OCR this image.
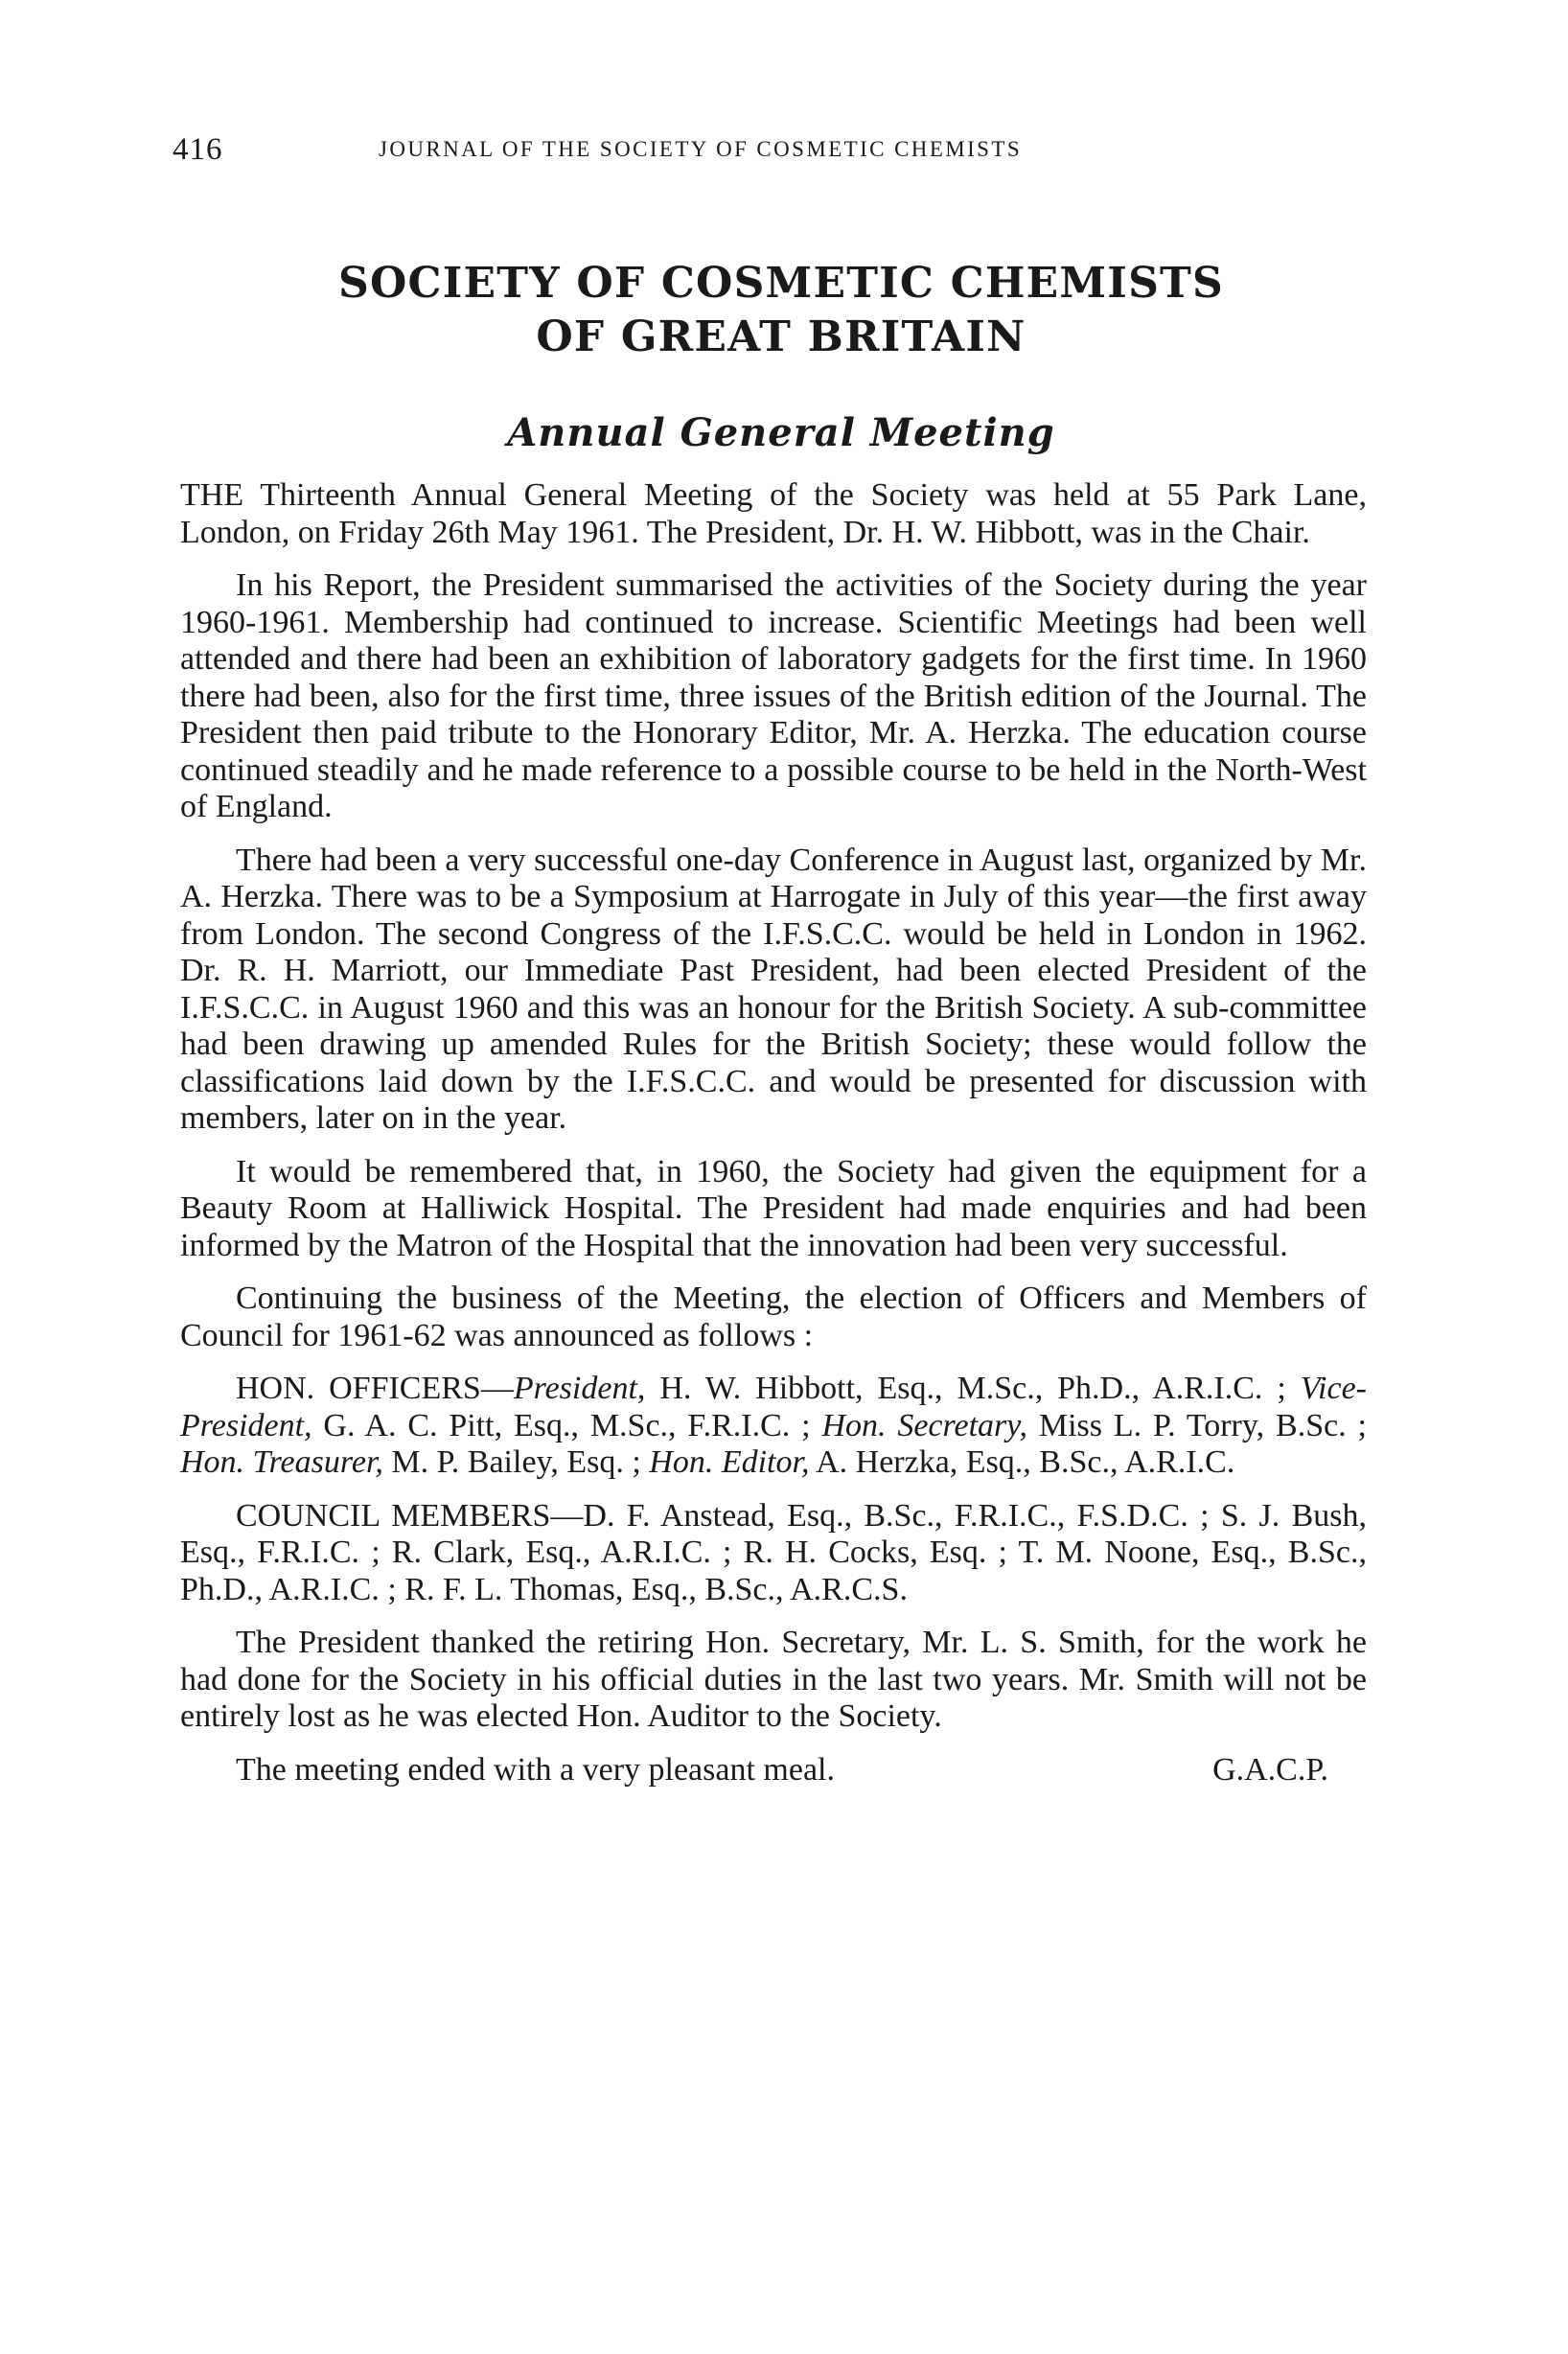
416	JOURNAL OF THE SOCIETY OF COSMETIC CHEMISTS
SOCIETY OF COSMETIC CHEMISTS
OF GREAT BRITAIN
Annual General Meeting

THE Thirteenth Annual General Meeting of the Society was held at 55 Park Lane, London, on Friday 26th May 1961. The President, Dr. H. W. Hibbott, was in the Chair.

In his Report, the President summarised the activities of the Society during the year 1960-1961. Membership had continued to increase. Scientific Meetings had been well attended and there had been an exhibition of laboratory gadgets for the first time. In 1960 there had been, also for the first time, three issues of the British edition of the Journal. The President then paid tribute to the Honorary Editor, Mr. A. Herzka. The education course continued steadily and he made reference to a possible course to be held in the North-West of England.

There had been a very successful one-day Conference in August last, organized by Mr. A. Herzka. There was to be a Symposium at Harrogate in July of this year—the first away from London. The second Congress of the I.F.S.C.C. would be held in London in 1962. Dr. R. H. Marriott, our Immediate Past President, had been elected President of the I.F.S.C.C. in August 1960 and this was an honour for the British Society. A sub-committee had been drawing up amended Rules for the British Society; these would follow the classifications laid down by the I.F.S.C.C. and would be presented for discussion with members, later on in the year.

It would be remembered that, in 1960, the Society had given the equipment for a Beauty Room at Halliwick Hospital. The President had made enquiries and had been informed by the Matron of the Hospital that the innovation had been very successful.

Continuing the business of the Meeting, the election of Officers and Members of Council for 1961-62 was announced as follows :

HON. OFFICERS—President, H. W. Hibbott, Esq., M.Sc., Ph.D., A.R.I.C. ; Vice-President, G. A. C. Pitt, Esq., M.Sc., F.R.I.C. ; Hon. Secretary, Miss L. P. Torry, B.Sc. ; Hon. Treasurer, M. P. Bailey, Esq. ; Hon. Editor, A. Herzka, Esq., B.Sc., A.R.I.C.

COUNCIL MEMBERS—D. F. Anstead, Esq., B.Sc., F.R.I.C., F.S.D.C. ; S. J. Bush, Esq., F.R.I.C. ; R. Clark, Esq., A.R.I.C. ; R. H. Cocks, Esq. ; T. M. Noone, Esq., B.Sc., Ph.D., A.R.I.C. ; R. F. L. Thomas, Esq., B.Sc., A.R.C.S.

The President thanked the retiring Hon. Secretary, Mr. L. S. Smith, for the work he had done for the Society in his official duties in the last two years. Mr. Smith will not be entirely lost as he was elected Hon. Auditor to the Society.

The meeting ended with a very pleasant meal.	G.A.C.P.
